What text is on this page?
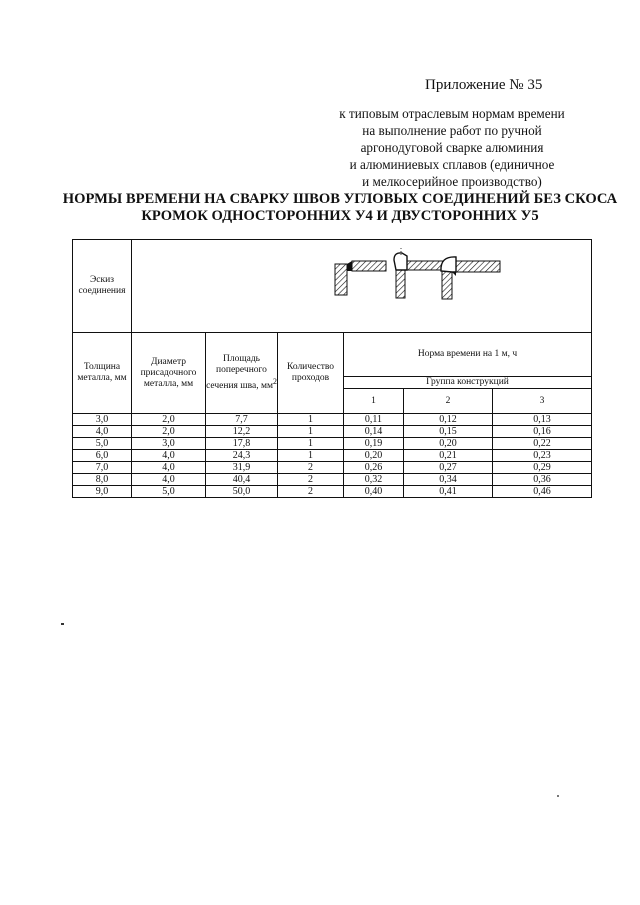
Приложение № 35
к типовым отраслевым нормам времени
на выполнение работ по ручной
аргонодуговой сварке алюминия
и алюминиевых сплавов (единичное
и мелкосерийное производство)
НОРМЫ ВРЕМЕНИ НА СВАРКУ ШВОВ УГЛОВЫХ СОЕДИНЕНИЙ БЕЗ СКОСА
КРОМОК ОДНОСТОРОННИХ У4 И ДВУСТОРОННИХ У5
Эскиз соединения	

Толщина металла, мм	Диаметр присадочного металла, мм	Площадь поперечного сечения шва, $мм^2$	Количество проходов	Норма времени на 1 м, ч		
				Группа конструкций		
				1	2	3
3,0	2,0	7,7	1	0,11	0,12	0,13
4,0	2,0	12,2	1	0,14	0,15	0,16
5,0	3,0	17,8	1	0,19	0,20	0,22
6,0	4,0	24,3	1	0,20	0,21	0,23
7,0	4,0	31,9	2	0,26	0,27	0,29
8,0	4,0	40,4	2	0,32	0,34	0,36
9,0	5,0	50,0	2	0,40	0,41	0,46
